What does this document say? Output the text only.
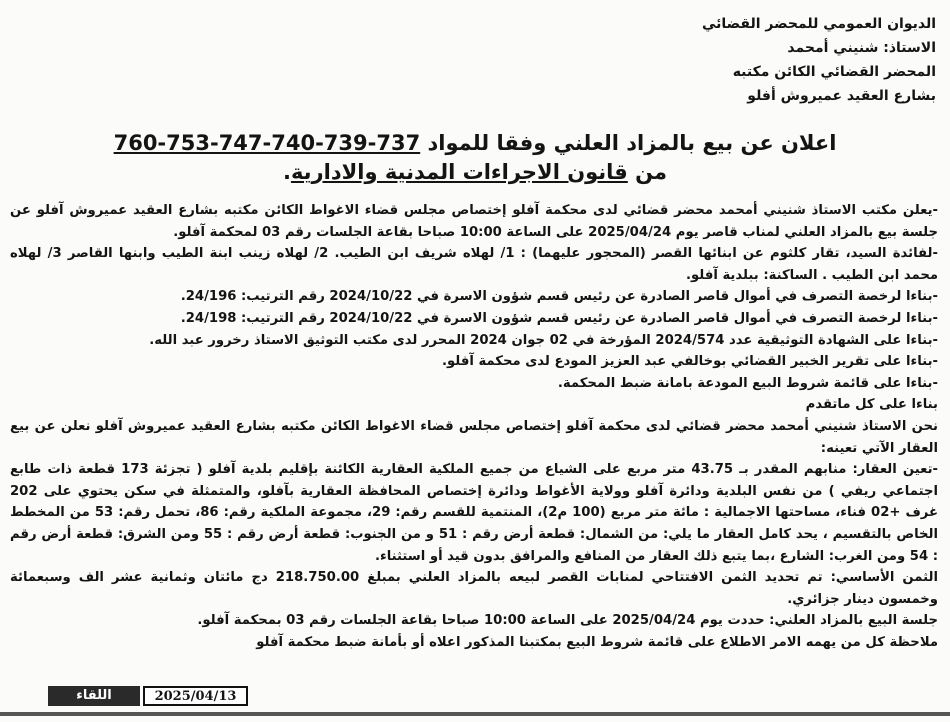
الديوان العمومي للمحضر القضائي
الاستاذ: شنيني أمحمد
المحضر القضائي الكائن مكتبه
بشارع العقيد عميروش أفلو
اعلان عن بيع بالمزاد العلني وفقا للمواد 760-753-747-740-739-737
من قانون الاجراءات المدنية والادارية.

-يعلن مكتب الاستاذ شنيني أمحمد محضر قضائي لدى محكمة آفلو إختصاص مجلس قضاء الاغواط الكائن مكتبه بشارع العقيد عميروش آفلو عن جلسة بيع بالمزاد العلني لمناب قاصر يوم 2025/04/24 على الساعة 10:00 صباحا بقاعة الجلسات رقم 03 لمحكمة آفلو.

-لفائدة السيد، تقار كلثوم عن ابنائها القصر (المحجور عليهما) : 1/ لهلاه شريف ابن الطيب. 2/ لهلاه زينب ابنة الطيب وابنها القاصر 3/ لهلاه محمد ابن الطيب . الساكنة: ببلدية آفلو.

-بناءا لرخصة التصرف في أموال قاصر الصادرة عن رئيس قسم شؤون الاسرة في 2024/10/22 رقم الترتيب: 24/196.

-بناءا لرخصة التصرف في أموال قاصر الصادرة عن رئيس قسم شؤون الاسرة في 2024/10/22 رقم الترتيب: 24/198.

-بناءا على الشهادة التوثيقية عدد 2024/574 المؤرخة في 02 جوان 2024 المحرر لدى مكتب التوثيق الاستاذ رخرور عبد الله.

-بناءا على تقرير الخبير القضائي بوخالفي عبد العزيز المودع لدى محكمة آفلو.

-بناءا على قائمة شروط البيع المودعة بامانة ضبط المحكمة.

بناءا على كل ماتقدم

نحن الاستاذ شنيني أمحمد محضر قضائي لدى محكمة آفلو إختصاص مجلس قضاء الاغواط الكائن مكتبه بشارع العقيد عميروش آفلو نعلن عن بيع العقار الآتي تعينه:

-تعين العقار: منابهم المقدر بـ 43.75 متر مربع على الشياع من جميع الملكية العقارية الكائنة بإقليم بلدية آفلو ( تجزئة 173 قطعة ذات طابع اجتماعي ريفي ) من نفس البلدية ودائرة آفلو وولاية الأغواط ودائرة إختصاص المحافظة العقارية بآفلو، والمتمثلة في سكن يحتوي على 202 غرف +02 فناء، مساحتها الاجمالية : مائة متر مربع (100 م2)، المنتمية للقسم رقم: 29، مجموعة الملكية رقم: 86، تحمل رقم: 53 من المخطط الخاص بالتقسيم ، يحد كامل العقار ما يلي: من الشمال: قطعة أرض رقم : 51 و من الجنوب: قطعة أرض رقم : 55 ومن الشرق: قطعة أرض رقم : 54 ومن الغرب: الشارع ،بما يتبع ذلك العقار من المنافع والمرافق بدون قيد أو استثناء.

الثمن الأساسي: تم تحديد الثمن الافتتاحي لمنابات القصر لبيعه بالمزاد العلني بمبلغ 218.750.00 دج مائتان وثمانية عشر الف وسبعمائة وخمسون دينار جزائري.

جلسة البيع بالمزاد العلني: حددت يوم 2025/04/24 على الساعة 10:00 صباحا بقاعة الجلسات رقم 03 بمحكمة آفلو.

ملاحظة كل من يهمه الامر الاطلاع على قائمة شروط البيع بمكتبنا المذكور اعلاه أو بأمانة ضبط محكمة آفلو

2025/04/13
اللقاء
